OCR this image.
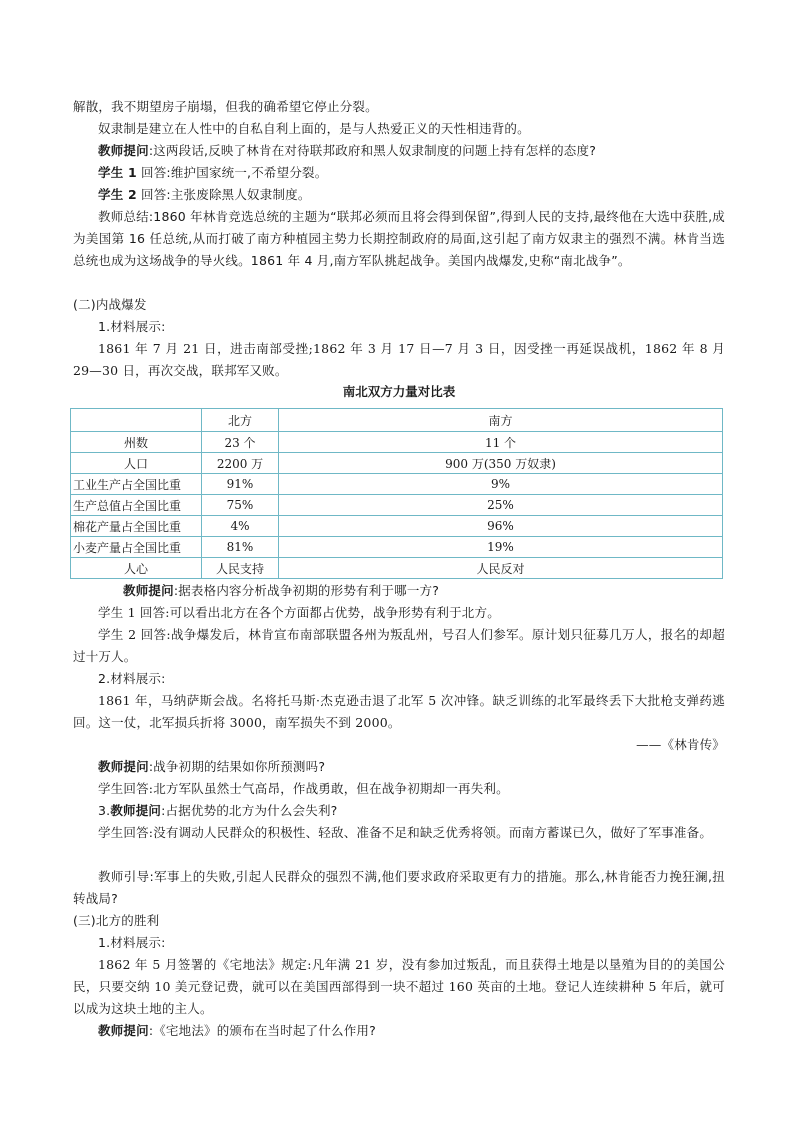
解散，我不期望房子崩塌，但我的确希望它停止分裂。
奴隶制是建立在人性中的自私自利上面的，是与人热爱正义的天性相违背的。
教师提问:这两段话,反映了林肯在对待联邦政府和黑人奴隶制度的问题上持有怎样的态度?
学生 1 回答:维护国家统一,不希望分裂。
学生 2 回答:主张废除黑人奴隶制度。
教师总结:1860 年林肯竞选总统的主题为“联邦必须而且将会得到保留”,得到人民的支持,最终他在大选中获胜,成为美国第 16 任总统,从而打破了南方种植园主势力长期控制政府的局面,这引起了南方奴隶主的强烈不满。林肯当选总统也成为这场战争的导火线。1861 年 4 月,南方军队挑起战争。美国内战爆发,史称“南北战争”。
(二)内战爆发
1.材料展示:
1861 年 7 月 21 日，进击南部受挫;1862 年 3 月 17 日—7 月 3 日，因受挫一再延误战机，1862 年 8 月 29—30 日，再次交战，联邦军又败。
南北双方力量对比表
	北方	南方
州数	23 个	11 个
人口	2200 万	900 万(350 万奴隶)
工业生产占全国比重	91%	9%
生产总值占全国比重	75%	25%
棉花产量占全国比重	4%	96%
小麦产量占全国比重	81%	19%
人心	人民支持	人民反对
教师提问:据表格内容分析战争初期的形势有利于哪一方?
学生 1 回答:可以看出北方在各个方面都占优势，战争形势有利于北方。
学生 2 回答:战争爆发后，林肯宣布南部联盟各州为叛乱州，号召人们参军。原计划只征募几万人，报名的却超过十万人。
2.材料展示:
1861 年，马纳萨斯会战。名将托马斯·杰克逊击退了北军 5 次冲锋。缺乏训练的北军最终丢下大批枪支弹药逃回。这一仗，北军损兵折将 3000，南军损失不到 2000。
——《林肯传》
教师提问:战争初期的结果如你所预测吗?
学生回答:北方军队虽然士气高昂，作战勇敢，但在战争初期却一再失利。
3.教师提问:占据优势的北方为什么会失利?
学生回答:没有调动人民群众的积极性、轻敌、准备不足和缺乏优秀将领。而南方蓄谋已久，做好了军事准备。
教师引导:军事上的失败,引起人民群众的强烈不满,他们要求政府采取更有力的措施。那么,林肯能否力挽狂澜,扭转战局?
(三)北方的胜利
1.材料展示:
1862 年 5 月签署的《宅地法》规定:凡年满 21 岁，没有参加过叛乱，而且获得土地是以垦殖为目的的美国公民，只要交纳 10 美元登记费，就可以在美国西部得到一块不超过 160 英亩的土地。登记人连续耕种 5 年后，就可以成为这块土地的主人。
教师提问:《宅地法》的颁布在当时起了什么作用?
